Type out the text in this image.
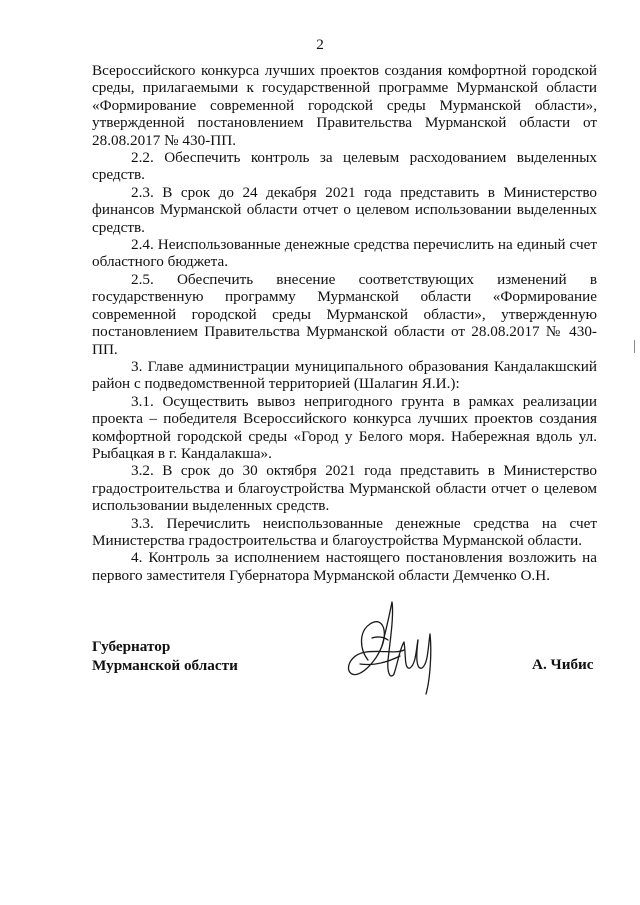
2

Всероссийского конкурса лучших проектов создания комфортной городской среды, прилагаемыми к государственной программе Мурманской области «Формирование современной городской среды Мурманской области», утвержденной постановлением Правительства Мурманской области от 28.08.2017 № 430-ПП.

2.2. Обеспечить контроль за целевым расходованием выделенных средств.

2.3. В срок до 24 декабря 2021 года представить в Министерство финансов Мурманской области отчет о целевом использовании выделенных средств.

2.4. Неиспользованные денежные средства перечислить на единый счет областного бюджета.

2.5. Обеспечить внесение соответствующих изменений в государственную программу Мурманской области «Формирование современной городской среды Мурманской области», утвержденную постановлением Правительства Мурманской области от 28.08.2017 № 430-ПП.

3. Главе администрации муниципального образования Кандалакшский район с подведомственной территорией (Шалагин Я.И.):

3.1. Осуществить вывоз непригодного грунта в рамках реализации проекта – победителя Всероссийского конкурса лучших проектов создания комфортной городской среды «Город у Белого моря. Набережная вдоль ул. Рыбацкая в г. Кандалакша».

3.2. В срок до 30 октября 2021 года представить в Министерство градостроительства и благоустройства Мурманской области отчет о целевом использовании выделенных средств.

3.3. Перечислить неиспользованные денежные средства на счет Министерства градостроительства и благоустройства Мурманской области.

4. Контроль за исполнением настоящего постановления возложить на первого заместителя Губернатора Мурманской области Демченко О.Н.

Губернатор
Мурманской области	А. Чибис
